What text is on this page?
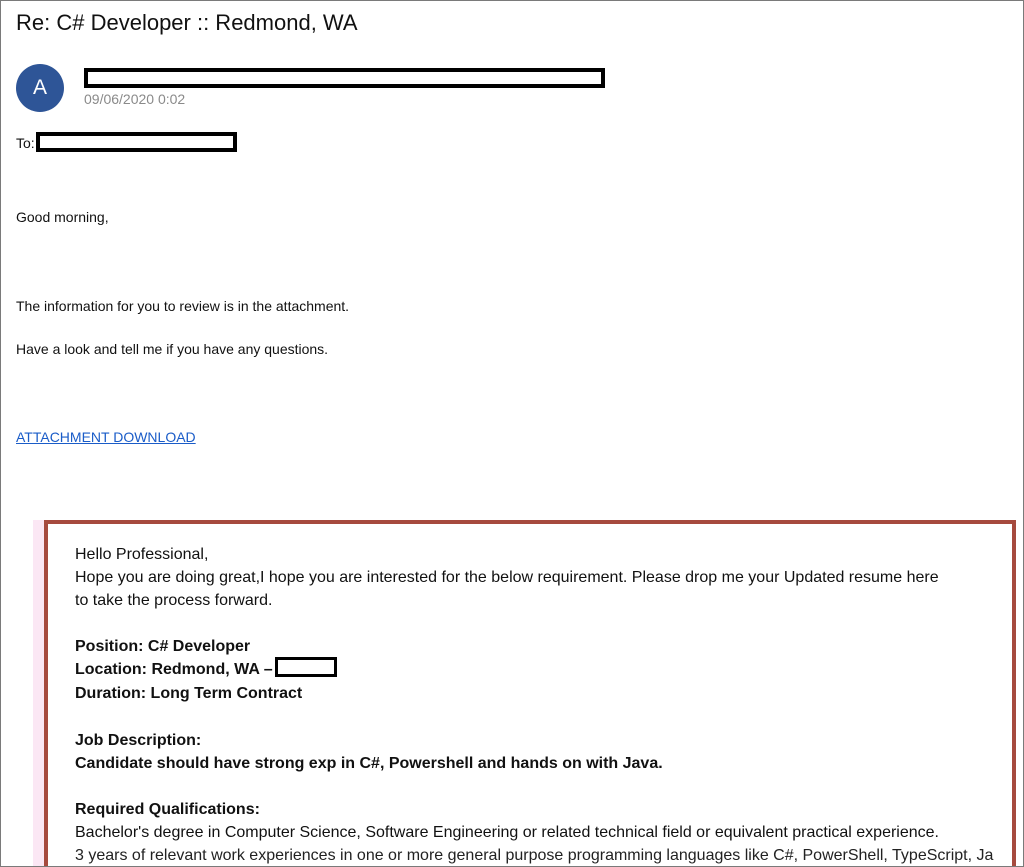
Re: C# Developer :: Redmond, WA
A	09/06/2020 0:02
To:
Good morning,
The information for you to review is in the attachment.
Have a look and tell me if you have any questions.
ATTACHMENT DOWNLOAD
Hello Professional,
Hope you are doing great,I hope you are interested for the below requirement. Please drop me your Updated resume here
to take the process forward.
Position: C# Developer
Location: Redmond, WA –
Duration: Long Term Contract
Job Description:
Candidate should have strong exp in C#, Powershell and hands on with Java.
Required Qualifications:
Bachelor's degree in Computer Science, Software Engineering or related technical field or equivalent practical experience.
3 years of relevant work experiences in one or more general purpose programming languages like C#, PowerShell, TypeScript, Ja
